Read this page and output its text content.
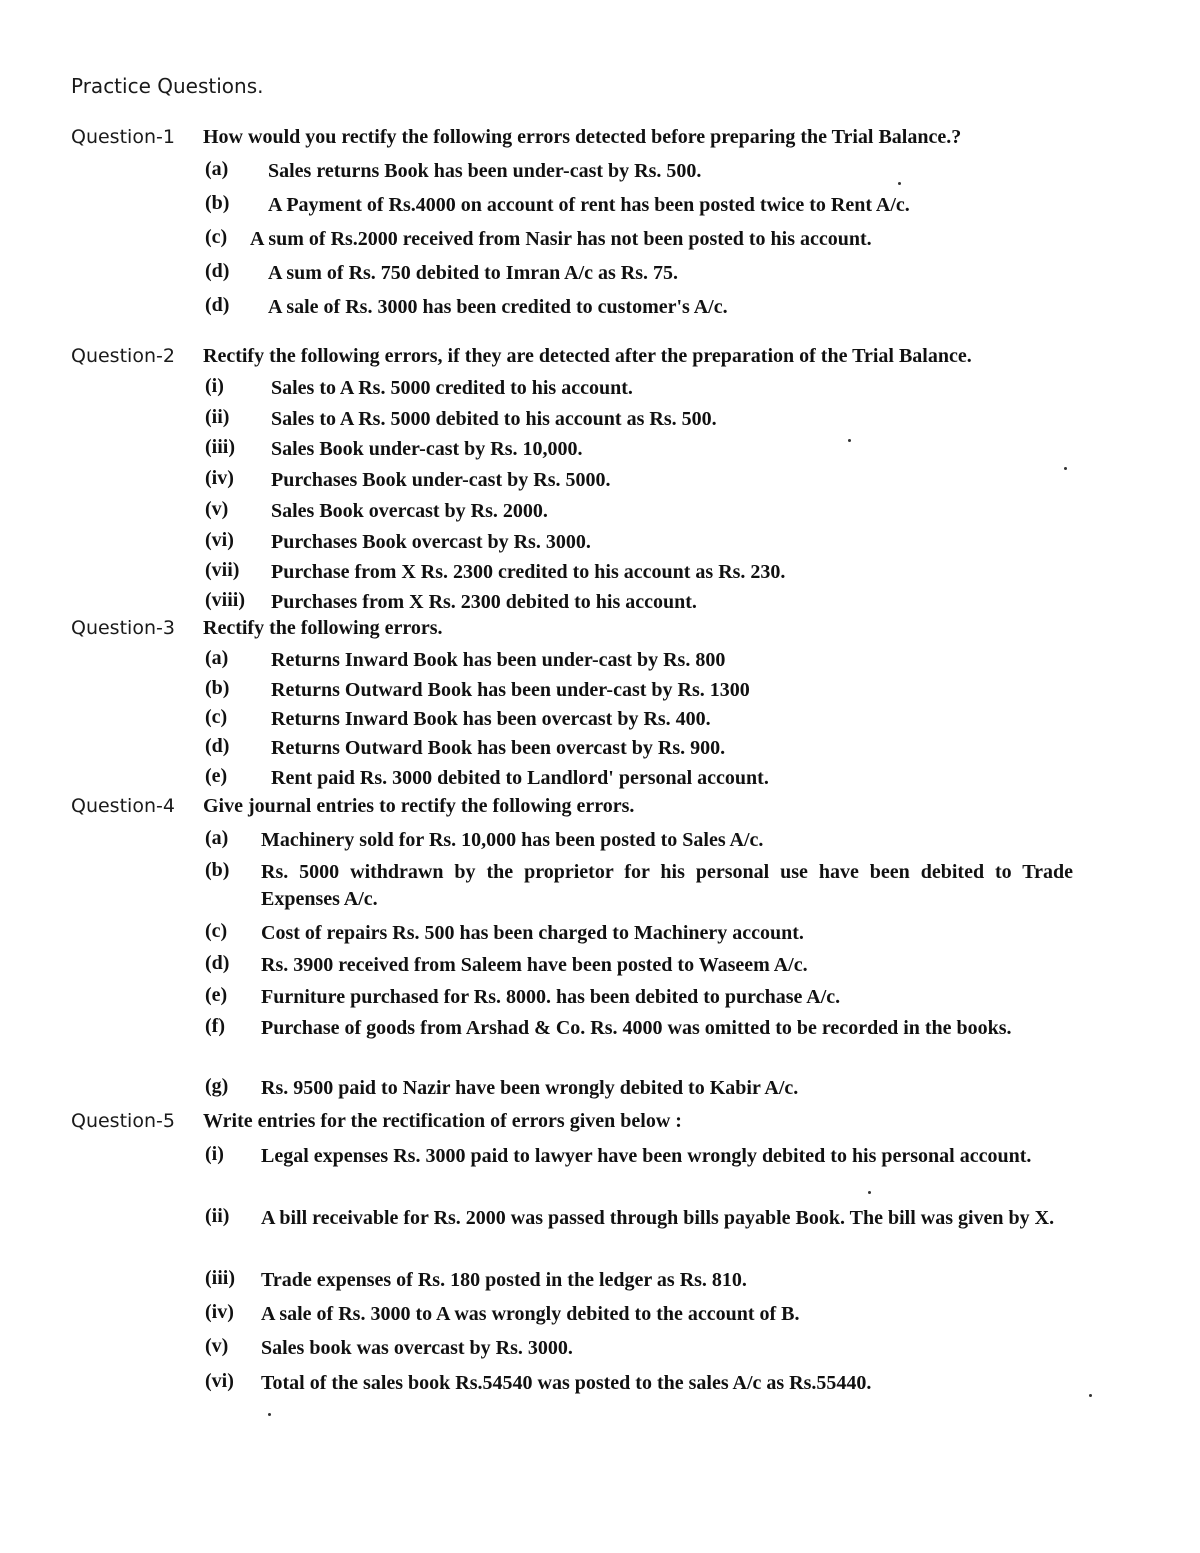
Practice Questions.
Question-1 How would you rectify the following errors detected before preparing the Trial Balance.?
(a) Sales returns Book has been under-cast by Rs. 500.
(b) A Payment of Rs.4000 on account of rent has been posted twice to Rent A/c.
(c) A sum of Rs.2000 received from Nasir has not been posted to his account.
(d) A sum of Rs. 750 debited to Imran A/c as Rs. 75.
(d) A sale of Rs. 3000 has been credited to customer's A/c.
Question-2 Rectify the following errors, if they are detected after the preparation of the Trial Balance.
(i) Sales to A Rs. 5000 credited to his account.
(ii) Sales to A Rs. 5000 debited to his account as Rs. 500.
(iii) Sales Book under-cast by Rs. 10,000.
(iv) Purchases Book under-cast by Rs. 5000.
(v) Sales Book overcast by Rs. 2000.
(vi) Purchases Book overcast by Rs. 3000.
(vii) Purchase from X Rs. 2300 credited to his account as Rs. 230.
(viii) Purchases from X Rs. 2300 debited to his account.
Question-3 Rectify the following errors.
(a) Returns Inward Book has been under-cast by Rs. 800
(b) Returns Outward Book has been under-cast by Rs. 1300
(c) Returns Inward Book has been overcast by Rs. 400.
(d) Returns Outward Book has been overcast by Rs. 900.
(e) Rent paid Rs. 3000 debited to Landlord' personal account.
Question-4 Give journal entries to rectify the following errors.
(a) Machinery sold for Rs. 10,000 has been posted to Sales A/c.
(b) Rs. 5000 withdrawn by the proprietor for his personal use have been debited to Trade Expenses A/c.
(c) Cost of repairs Rs. 500 has been charged to Machinery account.
(d) Rs. 3900 received from Saleem have been posted to Waseem A/c.
(e) Furniture purchased for Rs. 8000. has been debited to purchase A/c.
(f) Purchase of goods from Arshad & Co. Rs. 4000 was omitted to be recorded in the books.
(g) Rs. 9500 paid to Nazir have been wrongly debited to Kabir A/c.
Question-5 Write entries for the rectification of errors given below :
(i) Legal expenses Rs. 3000 paid to lawyer have been wrongly debited to his personal account.
(ii) A bill receivable for Rs. 2000 was passed through bills payable Book. The bill was given by X.
(iii) Trade expenses of Rs. 180 posted in the ledger as Rs. 810.
(iv) A sale of Rs. 3000 to A was wrongly debited to the account of B.
(v) Sales book was overcast by Rs. 3000.
(vi) Total of the sales book Rs.54540 was posted to the sales A/c as Rs.55440.
